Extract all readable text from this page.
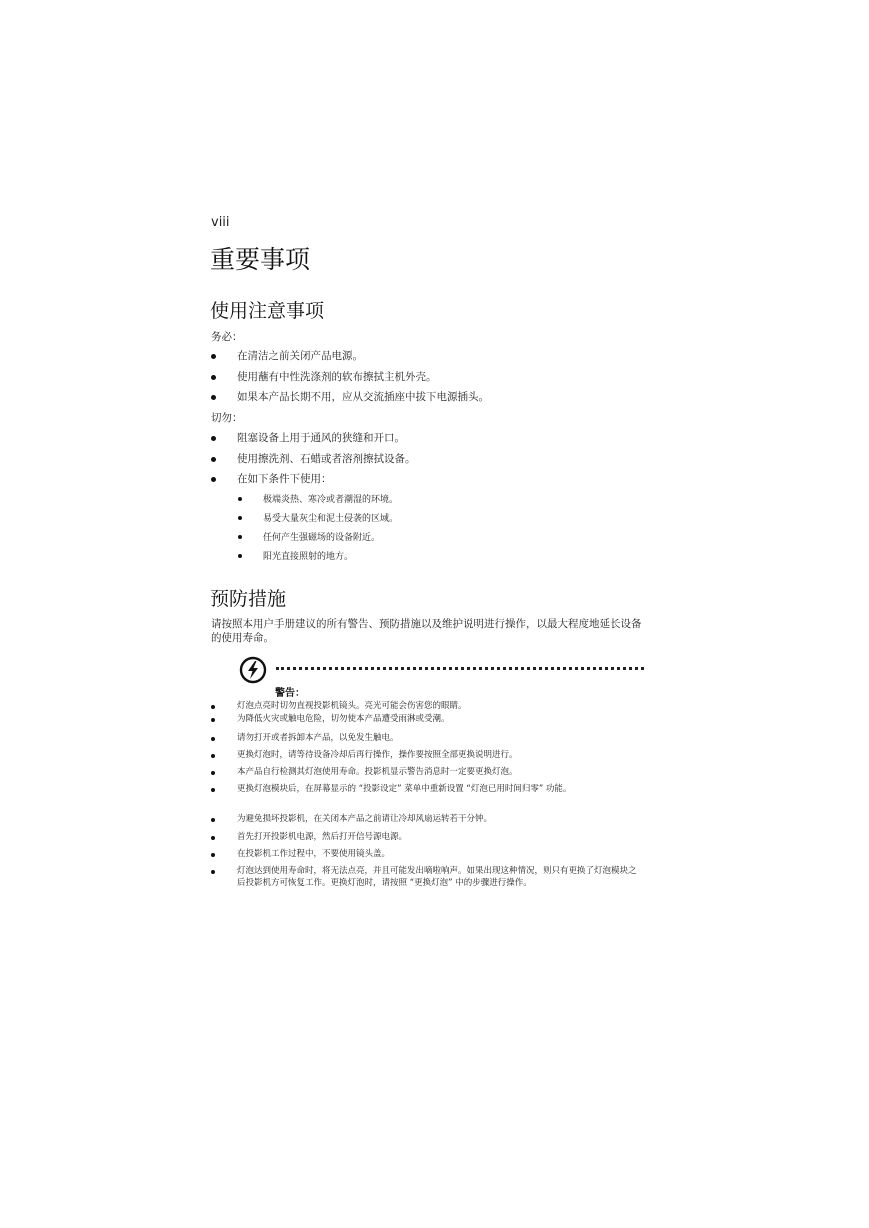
viii
重要事项
使用注意事项
务必：
在清洁之前关闭产品电源。
使用蘸有中性洗涤剂的软布擦拭主机外壳。
如果本产品长期不用，应从交流插座中拔下电源插头。
切勿：
阻塞设备上用于通风的狭缝和开口。
使用擦洗剂、石蜡或者溶剂擦拭设备。
在如下条件下使用：
极端炎热、寒冷或者潮湿的环境。
易受大量灰尘和泥土侵袭的区域。
任何产生强磁场的设备附近。
阳光直接照射的地方。
预防措施

请按照本用户手册建议的所有警告、预防措施以及维护说明进行操作，以最大程度地延长设备的使用寿命。

警告：
灯泡点亮时切勿直视投影机镜头。亮光可能会伤害您的眼睛。
为降低火灾或触电危险，切勿使本产品遭受雨淋或受潮。
请勿打开或者拆卸本产品，以免发生触电。
更换灯泡时，请等待设备冷却后再行操作，操作要按照全部更换说明进行。
本产品自行检测其灯泡使用寿命。投影机显示警告消息时一定要更换灯泡。
更换灯泡模块后，在屏幕显示的 “投影设定” 菜单中重新设置 “灯泡已用时间归零” 功能。
为避免损坏投影机，在关闭本产品之前请让冷却风扇运转若干分钟。
首先打开投影机电源，然后打开信号源电源。
在投影机工作过程中，不要使用镜头盖。
灯泡达到使用寿命时，将无法点亮，并且可能发出嘀啦响声。如果出现这种情况，则只有更换了灯泡模块之后投影机方可恢复工作。更换灯泡时，请按照 “更换灯泡” 中的步骤进行操作。
